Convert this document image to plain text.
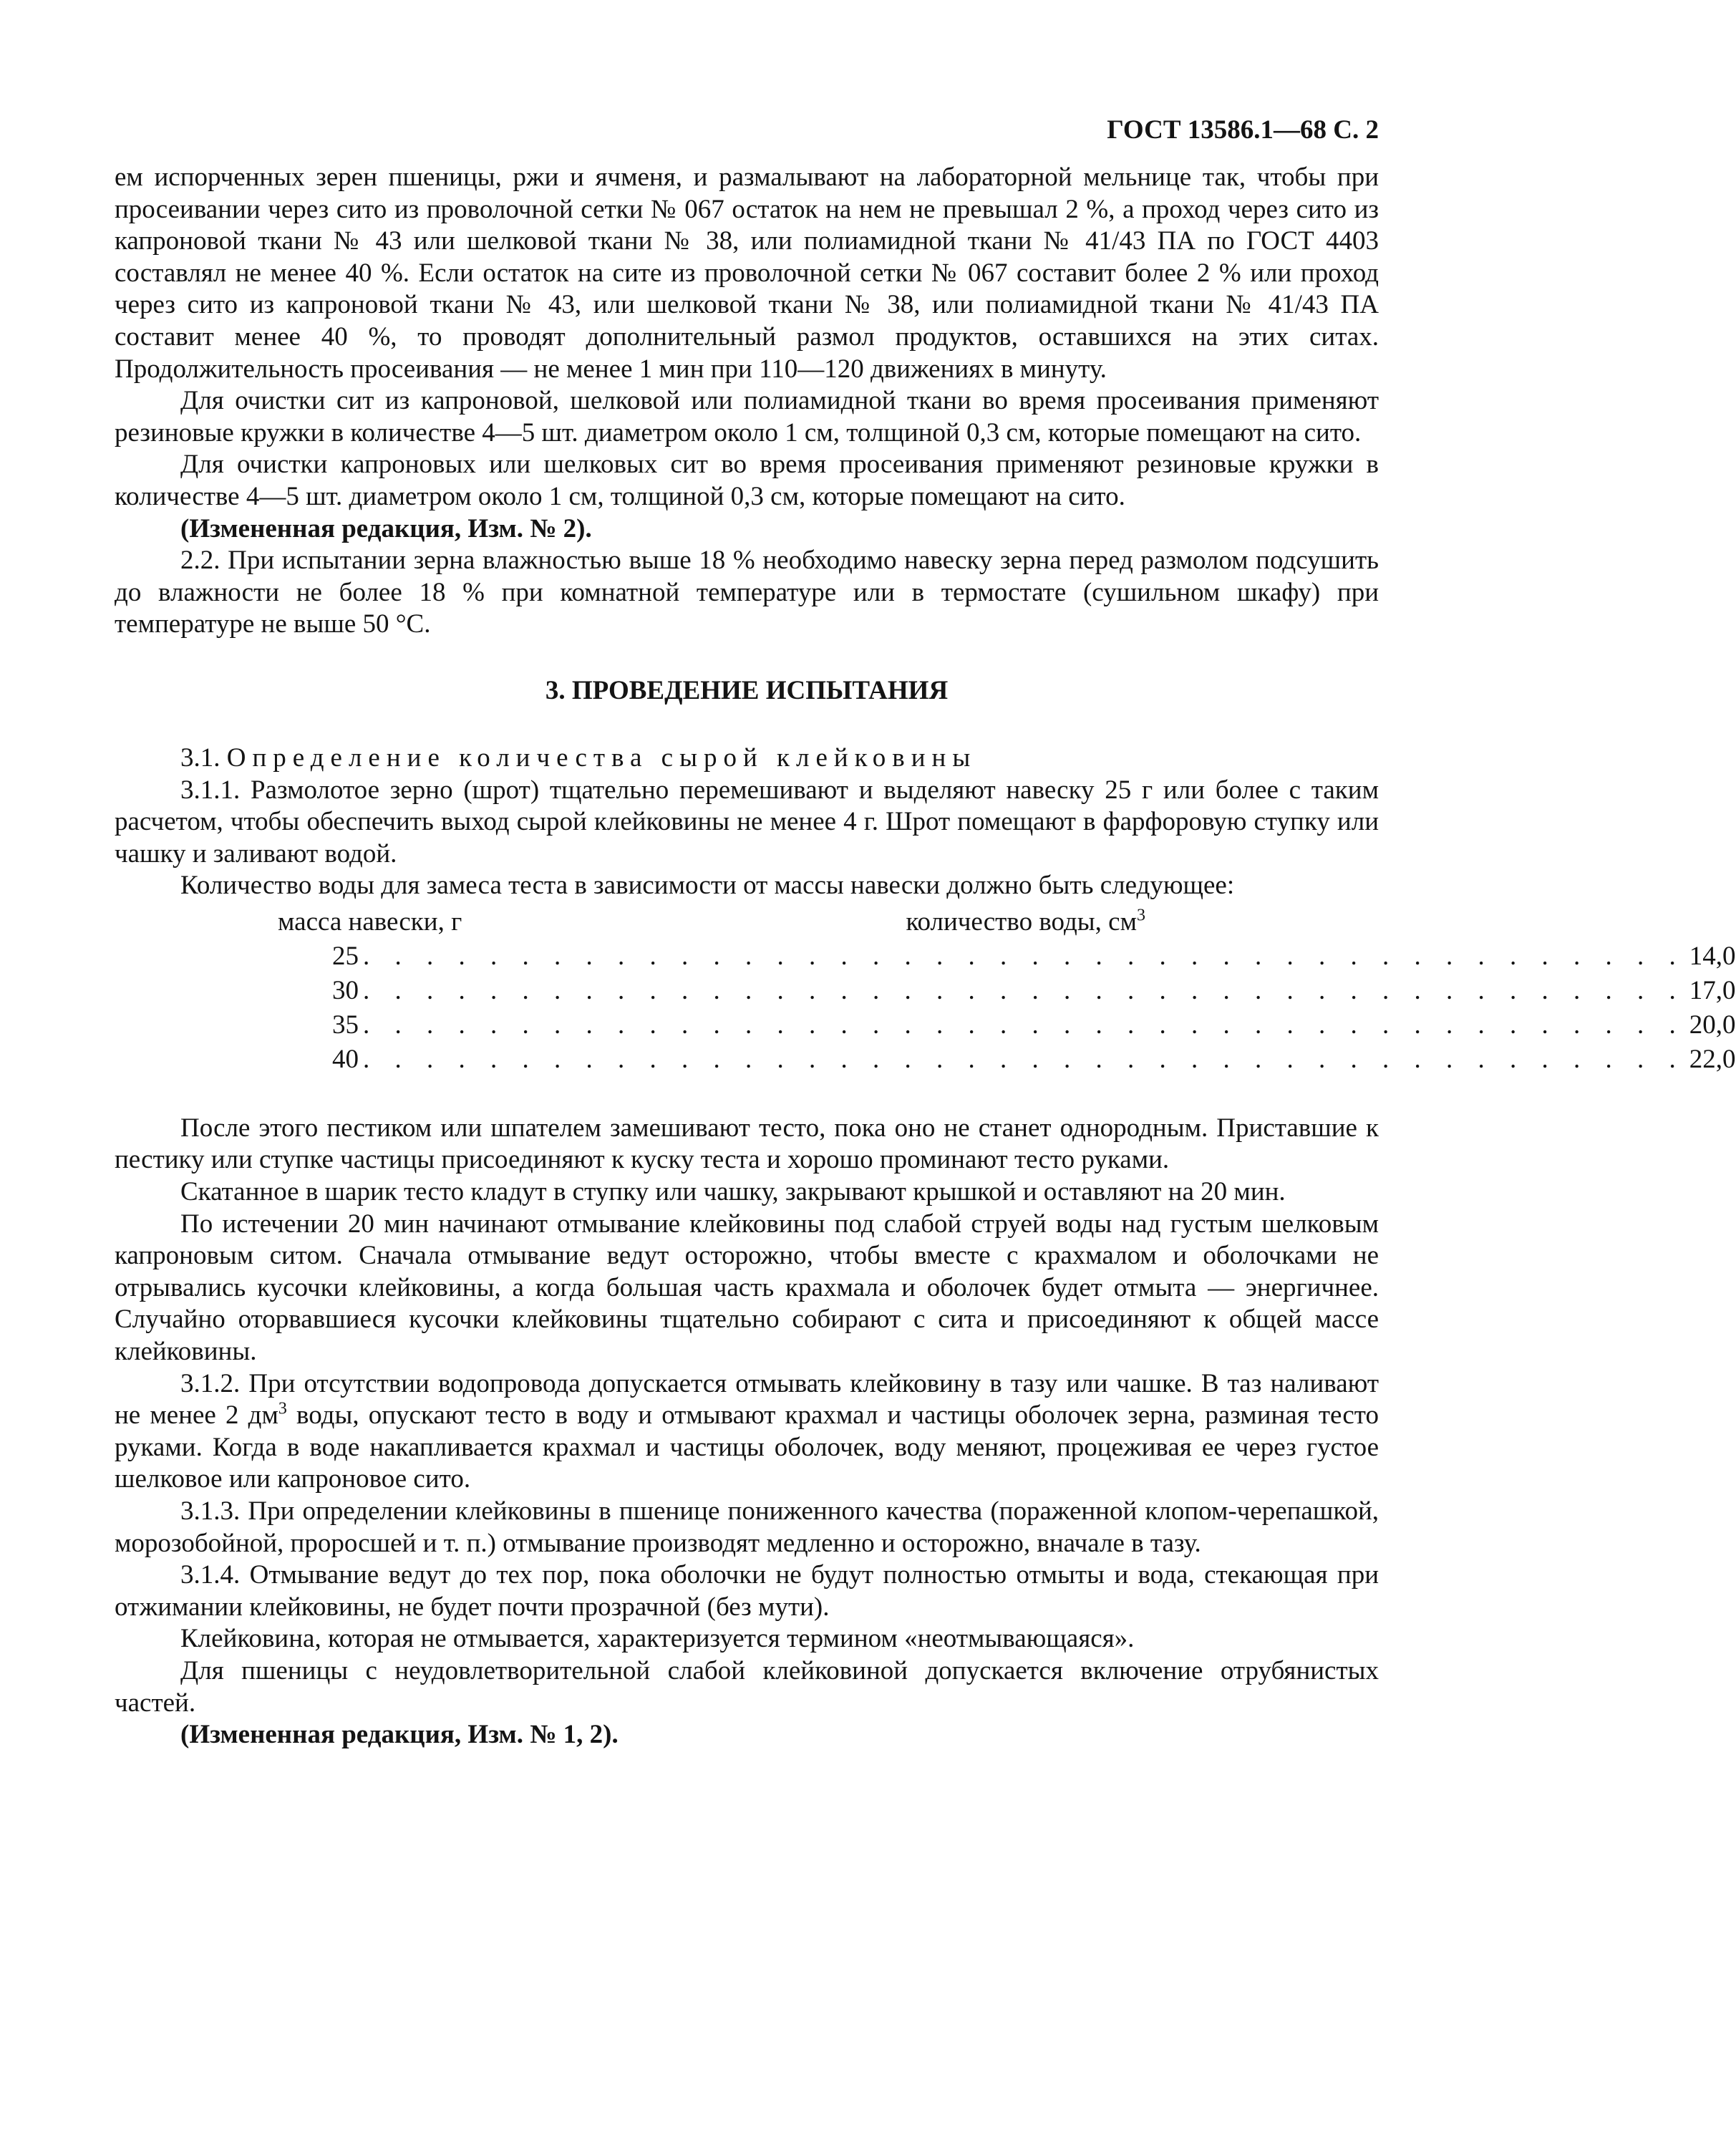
ГОСТ 13586.1—68 С. 2

ем испорченных зерен пшеницы, ржи и ячменя, и размалывают на лабораторной мельнице так, чтобы при просеивании через сито из проволочной сетки № 067 остаток на нем не превышал 2 %, а проход через сито из капроновой ткани № 43 или шелковой ткани № 38, или полиамидной ткани № 41/43 ПА по ГОСТ 4403 составлял не менее 40 %. Если остаток на сите из проволочной сетки № 067 составит более 2 % или проход через сито из капроновой ткани № 43, или шелковой ткани № 38, или полиамидной ткани № 41/43 ПА составит менее 40 %, то проводят дополнительный размол продуктов, оставшихся на этих ситах. Продолжительность просеивания — не менее 1 мин при 110—120 движениях в минуту.

Для очистки сит из капроновой, шелковой или полиамидной ткани во время просеивания применяют резиновые кружки в количестве 4—5 шт. диаметром около 1 см, толщиной 0,3 см, которые помещают на сито.

Для очистки капроновых или шелковых сит во время просеивания применяют резиновые кружки в количестве 4—5 шт. диаметром около 1 см, толщиной 0,3 см, которые помещают на сито.

(Измененная редакция, Изм. № 2).

2.2. При испытании зерна влажностью выше 18 % необходимо навеску зерна перед размолом подсушить до влажности не более 18 % при комнатной температуре или в термостате (сушильном шкафу) при температуре не выше 50 °С.

3. ПРОВЕДЕНИЕ ИСПЫТАНИЯ

3.1. Определение количества сырой клейковины

3.1.1. Размолотое зерно (шрот) тщательно перемешивают и выделяют навеску 25 г или более с таким расчетом, чтобы обеспечить выход сырой клейковины не менее 4 г. Шрот помещают в фарфоровую ступку или чашку и заливают водой.

Количество воды для замеса теста в зависимости от массы навески должно быть следующее:

масса навески, г	количество воды, $см^3$
25 . . . . . . . . . . . . . . . . . . . . . . . . . . . . . . . . . . . . . . . . . . 14,0
30 . . . . . . . . . . . . . . . . . . . . . . . . . . . . . . . . . . . . . . . . . . 17,0
35 . . . . . . . . . . . . . . . . . . . . . . . . . . . . . . . . . . . . . . . . . . 20,0
40 . . . . . . . . . . . . . . . . . . . . . . . . . . . . . . . . . . . . . . . . . . 22,0

После этого пестиком или шпателем замешивают тесто, пока оно не станет однородным. Приставшие к пестику или ступке частицы присоединяют к куску теста и хорошо проминают тесто руками.

Скатанное в шарик тесто кладут в ступку или чашку, закрывают крышкой и оставляют на 20 мин.

По истечении 20 мин начинают отмывание клейковины под слабой струей воды над густым шелковым капроновым ситом. Сначала отмывание ведут осторожно, чтобы вместе с крахмалом и оболочками не отрывались кусочки клейковины, а когда большая часть крахмала и оболочек будет отмыта — энергичнее. Случайно оторвавшиеся кусочки клейковины тщательно собирают с сита и присоединяют к общей массе клейковины.

3.1.2. При отсутствии водопровода допускается отмывать клейковину в тазу или чашке. В таз наливают не менее 2 $дм^3$ воды, опускают тесто в воду и отмывают крахмал и частицы оболочек зерна, разминая тесто руками. Когда в воде накапливается крахмал и частицы оболочек, воду меняют, процеживая ее через густое шелковое или капроновое сито.

3.1.3. При определении клейковины в пшенице пониженного качества (пораженной клопом-черепашкой, морозобойной, проросшей и т. п.) отмывание производят медленно и осторожно, вначале в тазу.

3.1.4. Отмывание ведут до тех пор, пока оболочки не будут полностью отмыты и вода, стекающая при отжимании клейковины, не будет почти прозрачной (без мути).

Клейковина, которая не отмывается, характеризуется термином «неотмывающаяся».

Для пшеницы с неудовлетворительной слабой клейковиной допускается включение отрубянистых частей.

(Измененная редакция, Изм. № 1, 2).
